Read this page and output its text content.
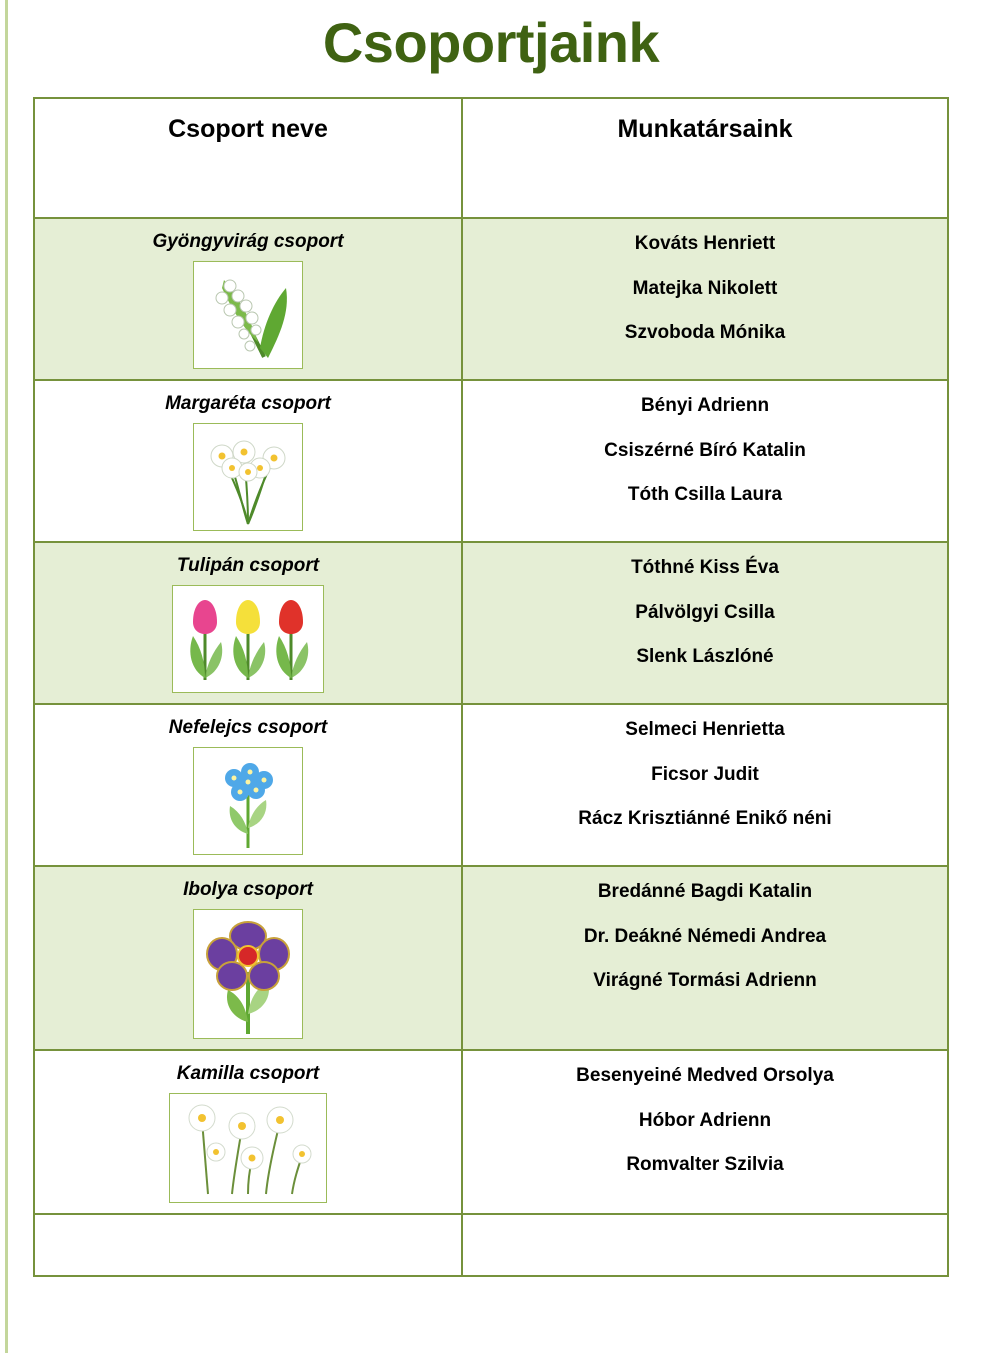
Csoportjaink
Csoport neve	Munkatársaink

Gyöngyvirág csoport	Kováts Henriett
Matejka Nikolett
Szvoboda Mónika

Margaréta csoport	Bényi Adrienn
Csiszérné Bíró Katalin
Tóth Csilla Laura

Tulipán csoport	Tóthné Kiss Éva
Pálvölgyi Csilla
Slenk Lászlóné

Nefelejcs csoport	Selmeci Henrietta
Ficsor Judit
Rácz Krisztiánné Enikő néni

Ibolya csoport	Bredánné Bagdi Katalin
Dr. Deákné Némedi Andrea
Virágné Tormási Adrienn

Kamilla csoport	Besenyeiné Medved Orsolya
Hóbor Adrienn
Romvalter Szilvia
